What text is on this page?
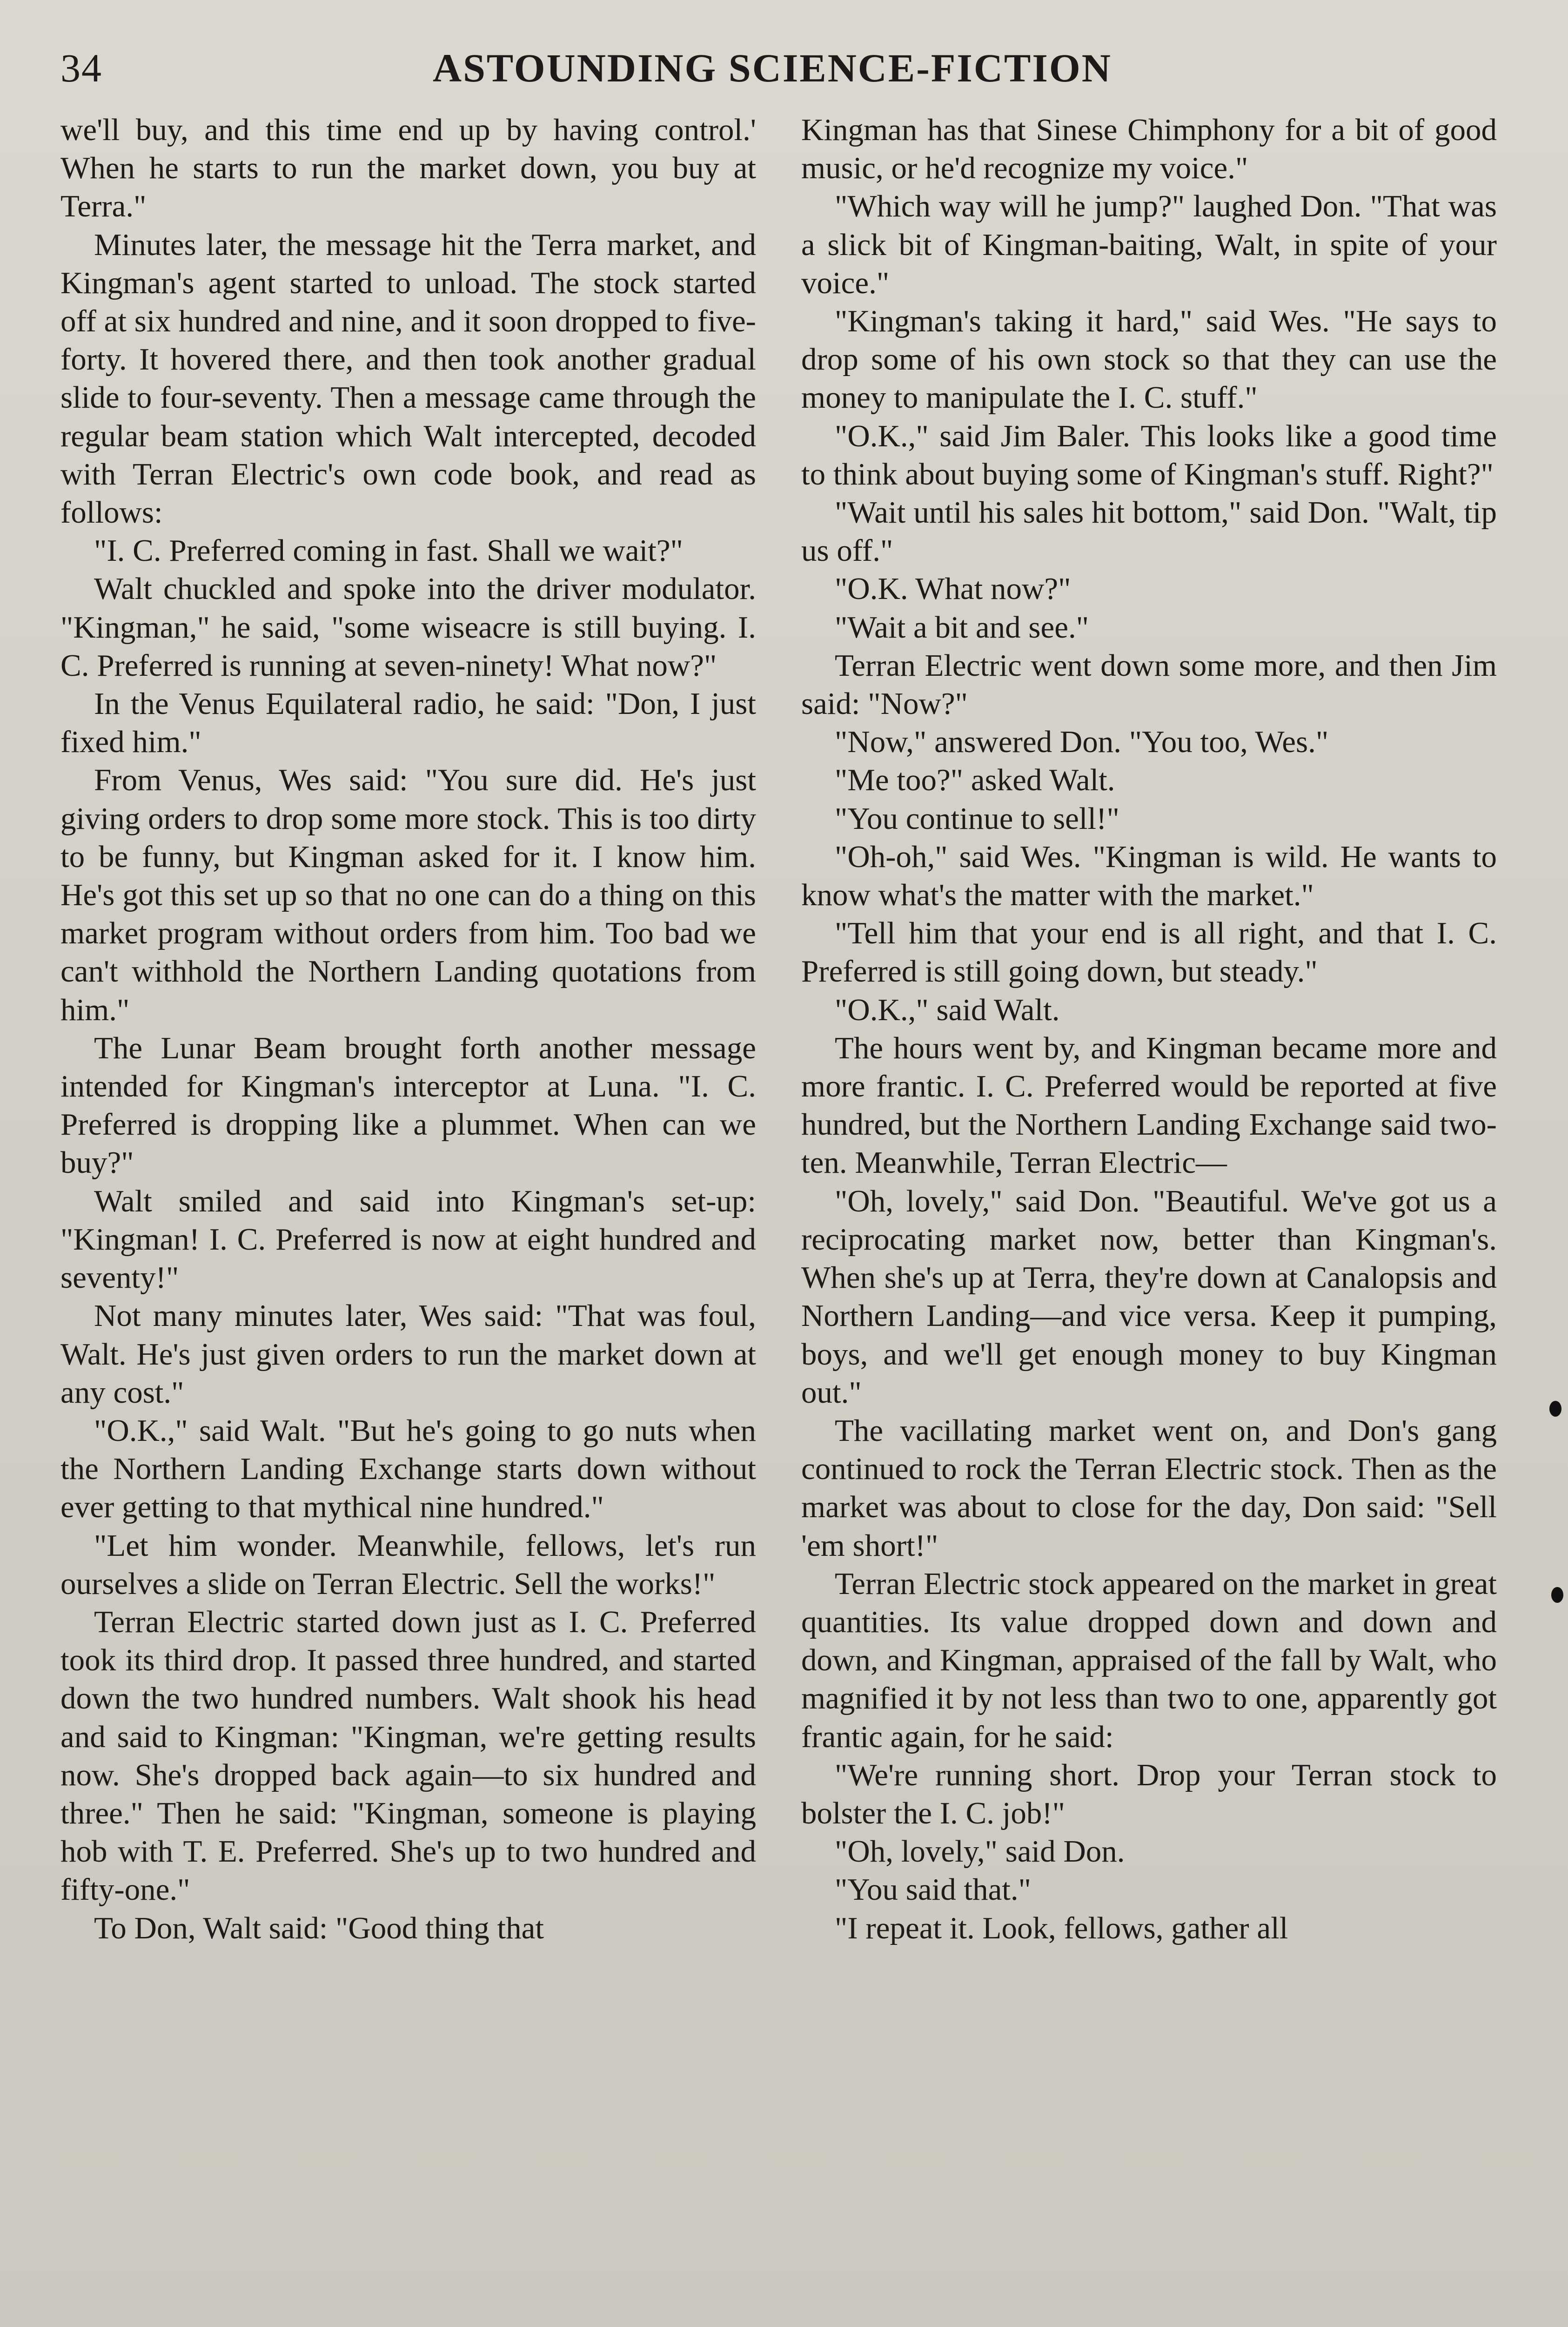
34	ASTOUNDING SCIENCE-FICTION

we'll buy, and this time end up by having control.' When he starts to run the market down, you buy at Terra."

Minutes later, the message hit the Terra market, and Kingman's agent started to unload. The stock started off at six hundred and nine, and it soon dropped to five-forty. It hovered there, and then took another gradual slide to four-seventy. Then a message came through the regular beam station which Walt intercepted, decoded with Terran Electric's own code book, and read as follows:

"I. C. Preferred coming in fast. Shall we wait?"

Walt chuckled and spoke into the driver modulator. "Kingman," he said, "some wiseacre is still buying. I. C. Preferred is running at seven-ninety! What now?"

In the Venus Equilateral radio, he said: "Don, I just fixed him."

From Venus, Wes said: "You sure did. He's just giving orders to drop some more stock. This is too dirty to be funny, but Kingman asked for it. I know him. He's got this set up so that no one can do a thing on this market program without orders from him. Too bad we can't withhold the Northern Landing quotations from him."

The Lunar Beam brought forth another message intended for Kingman's interceptor at Luna. "I. C. Preferred is dropping like a plummet. When can we buy?"

Walt smiled and said into Kingman's set-up: "Kingman! I. C. Preferred is now at eight hundred and seventy!"

Not many minutes later, Wes said: "That was foul, Walt. He's just given orders to run the market down at any cost."

"O.K.," said Walt. "But he's going to go nuts when the Northern Landing Exchange starts down without ever getting to that mythical nine hundred."

"Let him wonder. Meanwhile, fellows, let's run ourselves a slide on Terran Electric. Sell the works!"

Terran Electric started down just as I. C. Preferred took its third drop. It passed three hundred, and started down the two hundred numbers. Walt shook his head and said to Kingman: "Kingman, we're getting results now. She's dropped back again—to six hundred and three." Then he said: "Kingman, someone is playing hob with T. E. Preferred. She's up to two hundred and fifty-one."

To Don, Walt said: "Good thing that

Kingman has that Sinese Chimphony for a bit of good music, or he'd recognize my voice."

"Which way will he jump?" laughed Don. "That was a slick bit of Kingman-baiting, Walt, in spite of your voice."

"Kingman's taking it hard," said Wes. "He says to drop some of his own stock so that they can use the money to manipulate the I. C. stuff."

"O.K.," said Jim Baler. This looks like a good time to think about buying some of Kingman's stuff. Right?"

"Wait until his sales hit bottom," said Don. "Walt, tip us off."

"O.K. What now?"

"Wait a bit and see."

Terran Electric went down some more, and then Jim said: "Now?"

"Now," answered Don. "You too, Wes."

"Me too?" asked Walt.

"You continue to sell!"

"Oh-oh," said Wes. "Kingman is wild. He wants to know what's the matter with the market."

"Tell him that your end is all right, and that I. C. Preferred is still going down, but steady."

"O.K.," said Walt.

The hours went by, and Kingman became more and more frantic. I. C. Preferred would be reported at five hundred, but the Northern Landing Exchange said two-ten. Meanwhile, Terran Electric—

"Oh, lovely," said Don. "Beautiful. We've got us a reciprocating market now, better than Kingman's. When she's up at Terra, they're down at Canalopsis and Northern Landing—and vice versa. Keep it pumping, boys, and we'll get enough money to buy Kingman out."

The vacillating market went on, and Don's gang continued to rock the Terran Electric stock. Then as the market was about to close for the day, Don said: "Sell 'em short!"

Terran Electric stock appeared on the market in great quantities. Its value dropped down and down and down, and Kingman, appraised of the fall by Walt, who magnified it by not less than two to one, apparently got frantic again, for he said:

"We're running short. Drop your Terran stock to bolster the I. C. job!"

"Oh, lovely," said Don.

"You said that."

"I repeat it. Look, fellows, gather all
